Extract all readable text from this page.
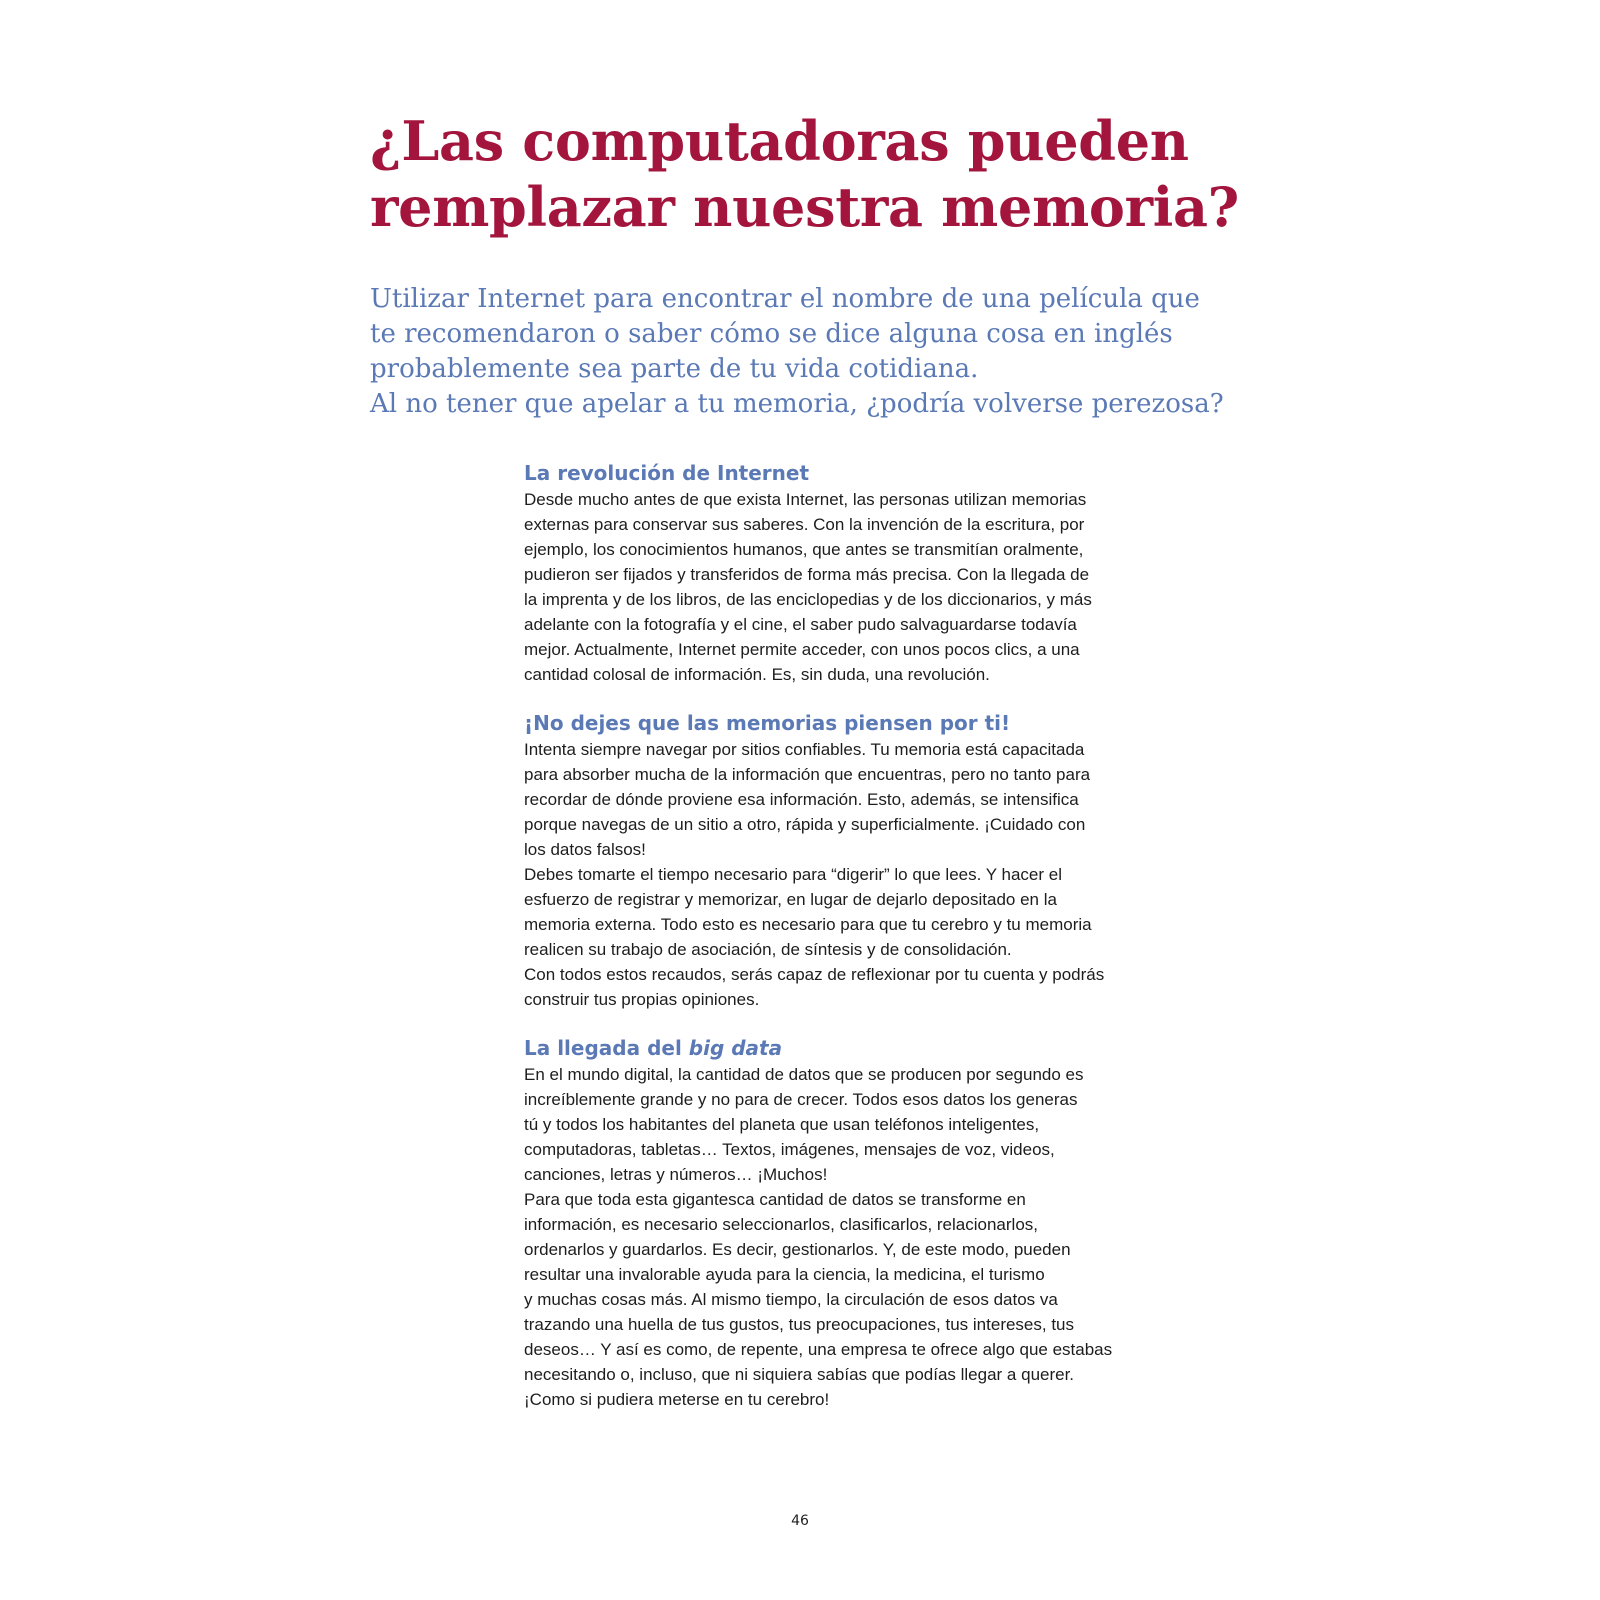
¿Las computadoras pueden
remplazar nuestra memoria?

Utilizar Internet para encontrar el nombre de una película que
te recomendaron o saber cómo se dice alguna cosa en inglés
probablemente sea parte de tu vida cotidiana.
Al no tener que apelar a tu memoria, ¿podría volverse perezosa?

La revolución de Internet
Desde mucho antes de que exista Internet, las personas utilizan memorias
externas para conservar sus saberes. Con la invención de la escritura, por
ejemplo, los conocimientos humanos, que antes se transmitían oralmente,
pudieron ser fijados y transferidos de forma más precisa. Con la llegada de
la imprenta y de los libros, de las enciclopedias y de los diccionarios, y más
adelante con la fotografía y el cine, el saber pudo salvaguardarse todavía
mejor. Actualmente, Internet permite acceder, con unos pocos clics, a una
cantidad colosal de información. Es, sin duda, una revolución.
¡No dejes que las memorias piensen por ti!
Intenta siempre navegar por sitios confiables. Tu memoria está capacitada
para absorber mucha de la información que encuentras, pero no tanto para
recordar de dónde proviene esa información. Esto, además, se intensifica
porque navegas de un sitio a otro, rápida y superficialmente. ¡Cuidado con
los datos falsos!
Debes tomarte el tiempo necesario para “digerir” lo que lees. Y hacer el
esfuerzo de registrar y memorizar, en lugar de dejarlo depositado en la
memoria externa. Todo esto es necesario para que tu cerebro y tu memoria
realicen su trabajo de asociación, de síntesis y de consolidación.
Con todos estos recaudos, serás capaz de reflexionar por tu cuenta y podrás
construir tus propias opiniones.
La llegada del big data
En el mundo digital, la cantidad de datos que se producen por segundo es
increíblemente grande y no para de crecer. Todos esos datos los generas
tú y todos los habitantes del planeta que usan teléfonos inteligentes,
computadoras, tabletas… Textos, imágenes, mensajes de voz, videos,
canciones, letras y números… ¡Muchos!
Para que toda esta gigantesca cantidad de datos se transforme en
información, es necesario seleccionarlos, clasificarlos, relacionarlos,
ordenarlos y guardarlos. Es decir, gestionarlos. Y, de este modo, pueden
resultar una invalorable ayuda para la ciencia, la medicina, el turismo
y muchas cosas más. Al mismo tiempo, la circulación de esos datos va
trazando una huella de tus gustos, tus preocupaciones, tus intereses, tus
deseos… Y así es como, de repente, una empresa te ofrece algo que estabas
necesitando o, incluso, que ni siquiera sabías que podías llegar a querer.
¡Como si pudiera meterse en tu cerebro!
46
